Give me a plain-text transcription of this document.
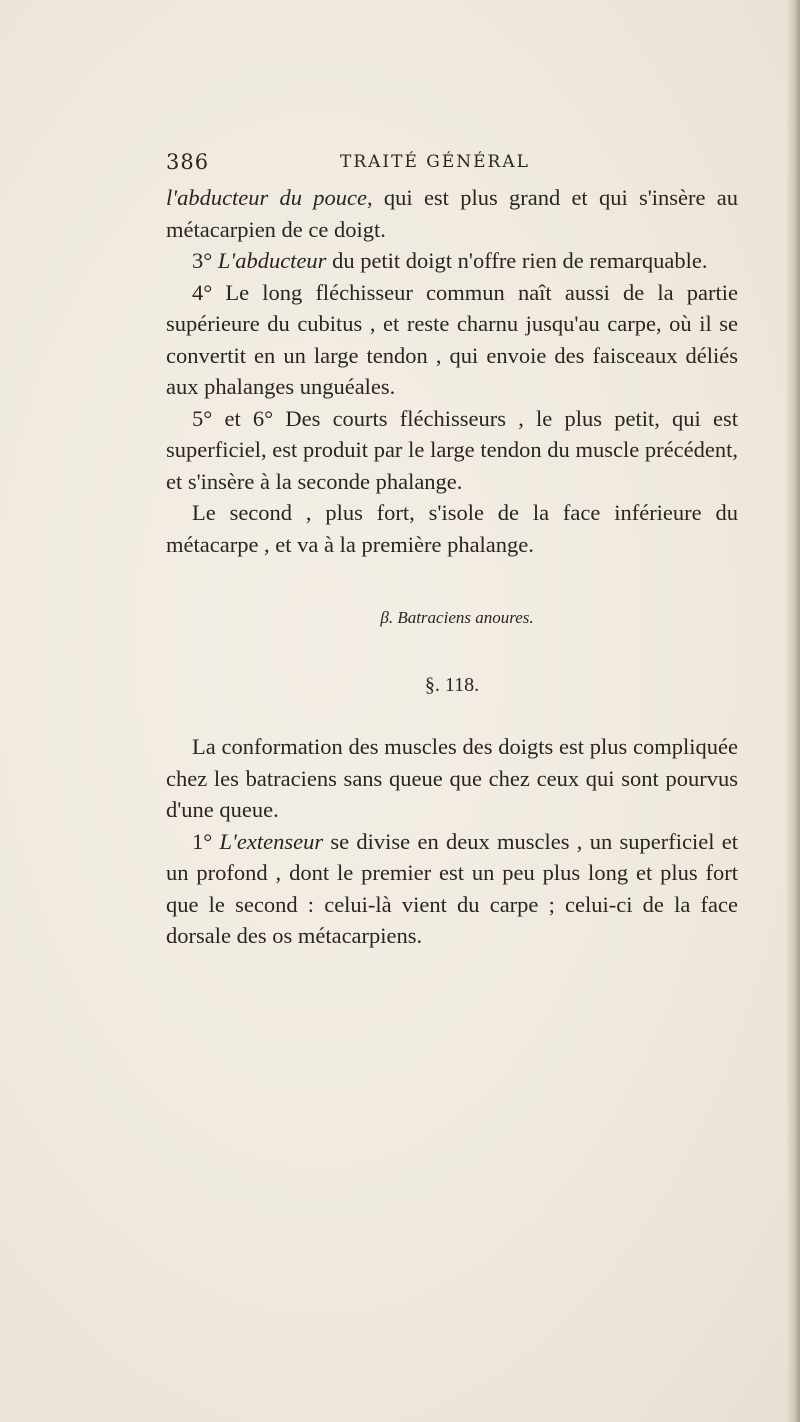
386	TRAITÉ GÉNÉRAL

l'abducteur du pouce, qui est plus grand et qui s'insère au métacarpien de ce doigt.

3° L'abducteur du petit doigt n'offre rien de remarquable.

4° Le long fléchisseur commun naît aussi de la partie supérieure du cubitus , et reste charnu jusqu'au carpe, où il se convertit en un large tendon , qui envoie des faisceaux déliés aux phalanges unguéales.

5° et 6° Des courts fléchisseurs , le plus petit, qui est superficiel, est produit par le large tendon du muscle précédent, et s'insère à la seconde phalange.

Le second , plus fort, s'isole de la face inférieure du métacarpe , et va à la première phalange.

β. Batraciens anoures.

§. 118.

La conformation des muscles des doigts est plus compliquée chez les batraciens sans queue que chez ceux qui sont pourvus d'une queue.

1° L'extenseur se divise en deux muscles , un superficiel et un profond , dont le premier est un peu plus long et plus fort que le second : celui-là vient du carpe ; celui-ci de la face dorsale des os métacarpiens.
